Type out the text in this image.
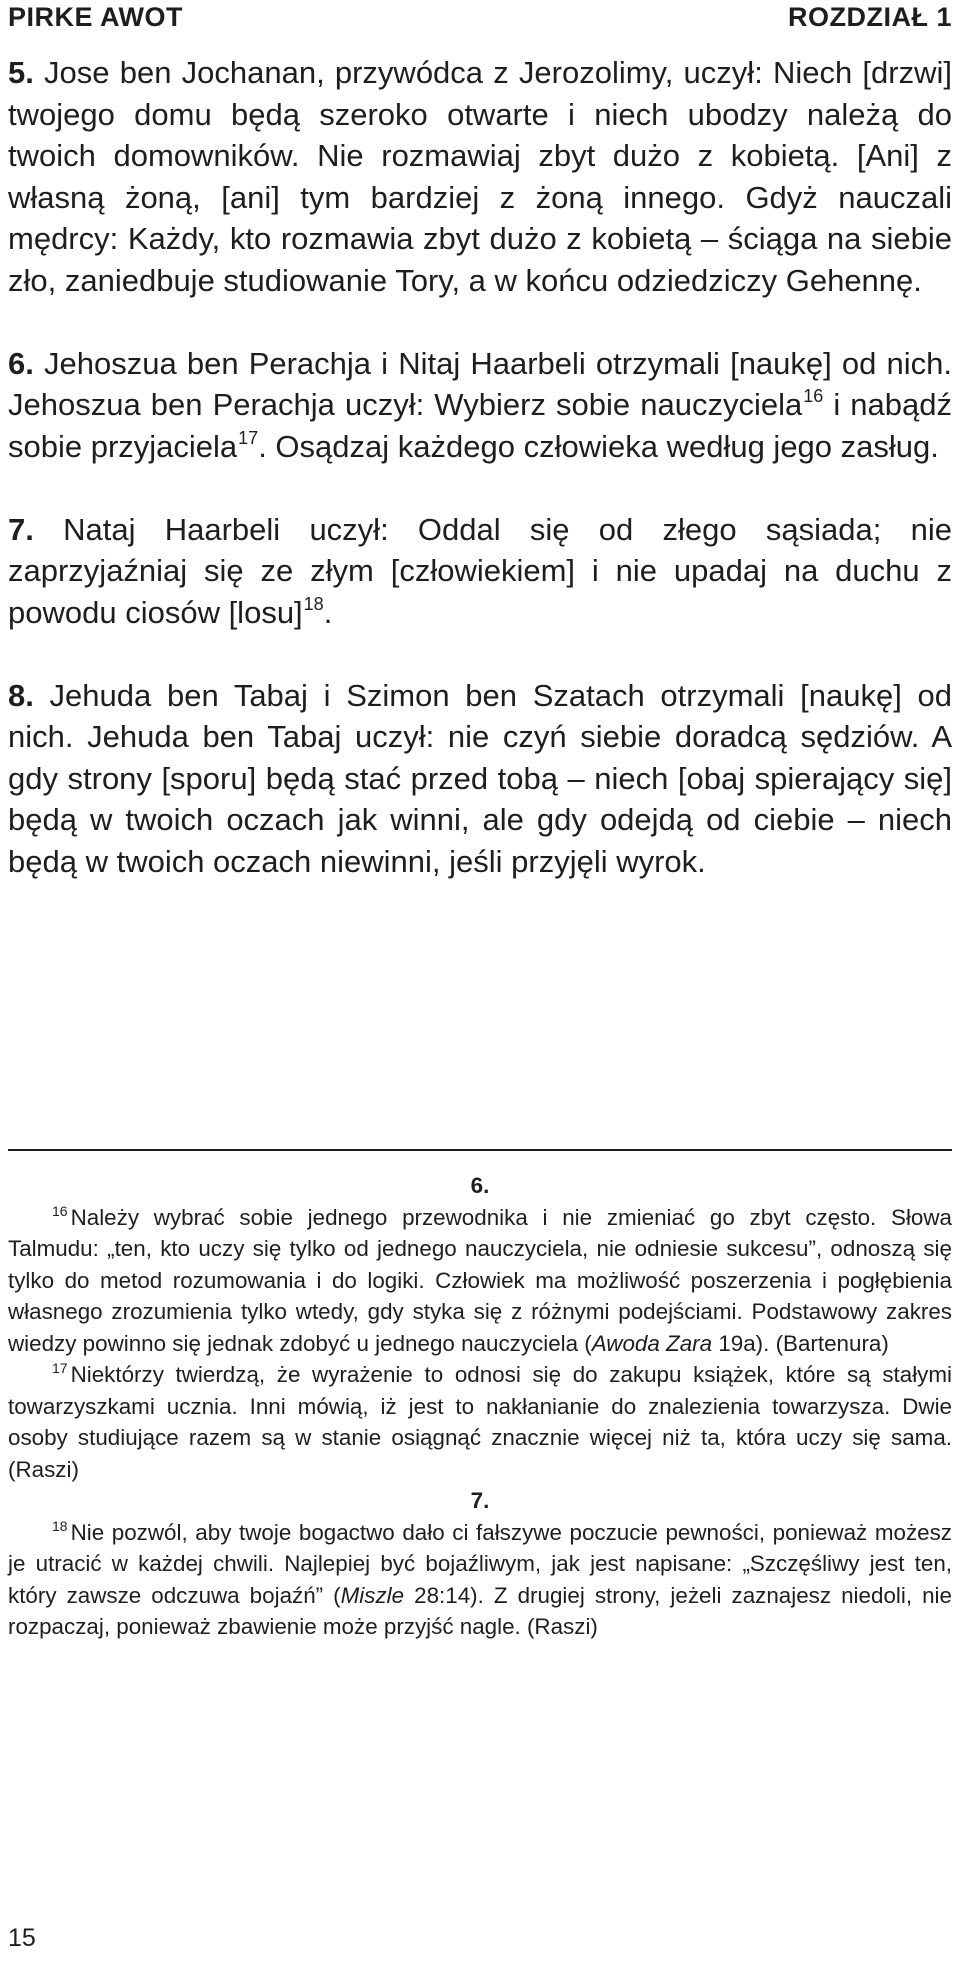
PIRKE AWOT	ROZDZIAŁ 1

5. Jose ben Jochanan, przywódca z Jerozolimy, uczył: Niech [drzwi] twojego domu będą szeroko otwarte i niech ubodzy należą do twoich domowników. Nie rozmawiaj zbyt dużo z kobietą. [Ani] z własną żoną, [ani] tym bardziej z żoną innego. Gdyż nauczali mędrcy: Każdy, kto rozmawia zbyt dużo z kobietą – ściąga na siebie zło, zaniedbuje studiowanie Tory, a w końcu odziedziczy Gehennę.

6. Jehoszua ben Perachja i Nitaj Haarbeli otrzymali [naukę] od nich. Jehoszua ben Perachja uczył: Wybierz sobie nauczyciela$^{16}$ i nabądź sobie przyjaciela$^{17}$. Osądzaj każdego człowieka według jego zasług.

7. Nataj Haarbeli uczył: Oddal się od złego sąsiada; nie zaprzyjaźniaj się ze złym [człowiekiem] i nie upadaj na duchu z powodu ciosów [losu]$^{18}$.

8. Jehuda ben Tabaj i Szimon ben Szatach otrzymali [naukę] od nich. Jehuda ben Tabaj uczył: nie czyń siebie doradcą sędziów. A gdy strony [sporu] będą stać przed tobą – niech [obaj spierający się] będą w twoich oczach jak winni, ale gdy odejdą od ciebie – niech będą w twoich oczach niewinni, jeśli przyjęli wyrok.

6.

$^{16}$ Należy wybrać sobie jednego przewodnika i nie zmieniać go zbyt często. Słowa Talmudu: „ten, kto uczy się tylko od jednego nauczyciela, nie odniesie sukcesu”, odnoszą się tylko do metod rozumowania i do logiki. Człowiek ma możliwość poszerzenia i pogłębienia własnego zrozumienia tylko wtedy, gdy styka się z różnymi podejściami. Podstawowy zakres wiedzy powinno się jednak zdobyć u jednego nauczyciela (Awoda Zara 19a). (Bartenura)

$^{17}$ Niektórzy twierdzą, że wyrażenie to odnosi się do zakupu książek, które są stałymi towarzyszkami ucznia. Inni mówią, iż jest to nakłanianie do znalezienia towarzysza. Dwie osoby studiujące razem są w stanie osiągnąć znacznie więcej niż ta, która uczy się sama. (Raszi)

7.

$^{18}$ Nie pozwól, aby twoje bogactwo dało ci fałszywe poczucie pewności, ponieważ możesz je utracić w każdej chwili. Najlepiej być bojaźliwym, jak jest napisane: „Szczęśliwy jest ten, który zawsze odczuwa bojaźń” (Miszle 28:14). Z drugiej strony, jeżeli zaznajesz niedoli, nie rozpaczaj, ponieważ zbawienie może przyjść nagle. (Raszi)

15
